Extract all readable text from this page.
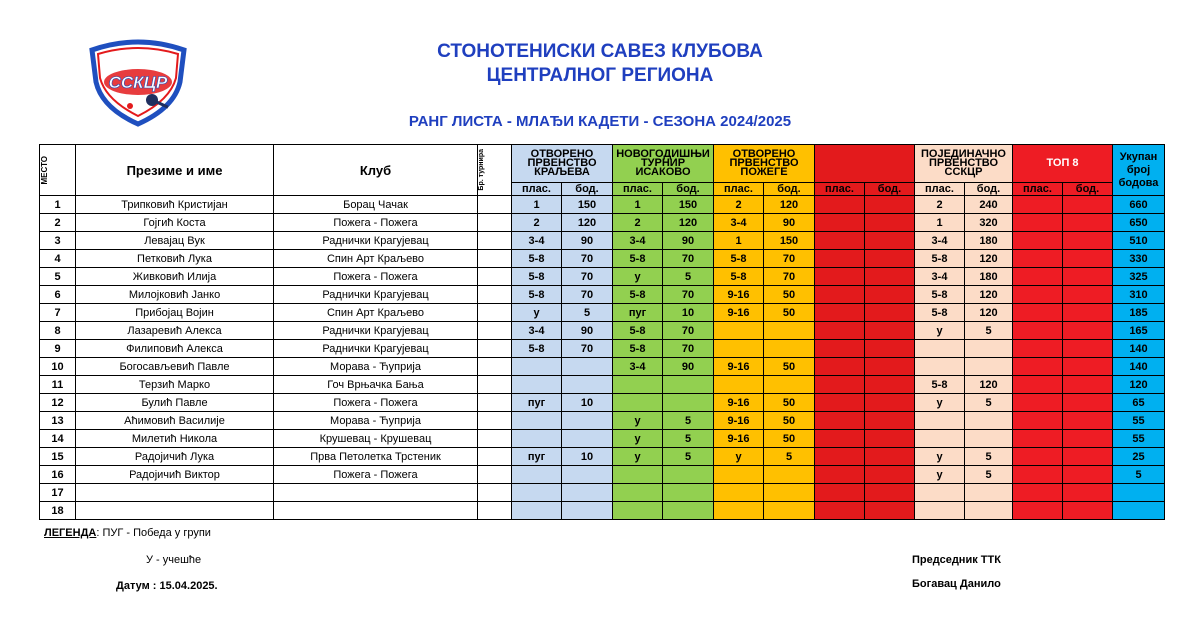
ССКЦР
СТОНОТЕНИСКИ САВЕЗ КЛУБОВА
ЦЕНТРАЛНОГ РЕГИОНА
РАНГ ЛИСТА - МЛАЂИ КАДЕТИ - СЕЗОНА 2024/2025
МЕСТО	Презиме и име	Клуб	Бр. турнира	ОТВОРЕНО ПРВЕНСТВО КРАЉЕВА		НОВОГОДИШЊИ ТУРНИР ИСАКОВО		ОТВОРЕНО ПРВЕНСТВО ПОЖЕГЕ				ПОЈЕДИНАЧНО ПРВЕНСТВО ССКЦР		ТОП 8		Укупан број бодова
				плас.	бод.	плас.	бод.	плас.	бод.	плас.	бод.	плас.	бод.	плас.	бод.	
1	Трипковић Кристијан	Борац Чачак		1	150	1	150	2	120			2	240			660
2	Гојгић Коста	Пожега - Пожега		2	120	2	120	3-4	90			1	320			650
3	Левајац Вук	Раднички Крагујевац		3-4	90	3-4	90	1	150			3-4	180			510
4	Петковић Лука	Спин Арт Краљево		5-8	70	5-8	70	5-8	70			5-8	120			330
5	Живковић Илија	Пожега - Пожега		5-8	70	у	5	5-8	70			3-4	180			325
6	Милојковић Јанко	Раднички Крагујевац		5-8	70	5-8	70	9-16	50			5-8	120			310
7	Прибојац Војин	Спин Арт Краљево		у	5	пуг	10	9-16	50			5-8	120			185
8	Лазаревић Алекса	Раднички Крагујевац		3-4	90	5-8	70					у	5			165
9	Филиповић Алекса	Раднички Крагујевац		5-8	70	5-8	70									140
10	Богосављевић Павле	Морава - Ћуприја				3-4	90	9-16	50							140
11	Терзић Марко	Гоч Врњачка Бања										5-8	120			120
12	Булић Павле	Пожега - Пожега		пуг	10			9-16	50			у	5			65
13	Аћимовић Василије	Морава - Ћуприја				у	5	9-16	50							55
14	Милетић Никола	Крушевац - Крушевац				у	5	9-16	50							55
15	Радојичић Лука	Прва Петолетка Трстеник		пуг	10	у	5	у	5			у	5			25
16	Радојичић Виктор	Пожега - Пожега										у	5			5
17																
18																
ЛЕГЕНДА: ПУГ - Победа у групи
У - учешће
Датум : 15.04.2025.
Председник ТТК
Богавац Данило
